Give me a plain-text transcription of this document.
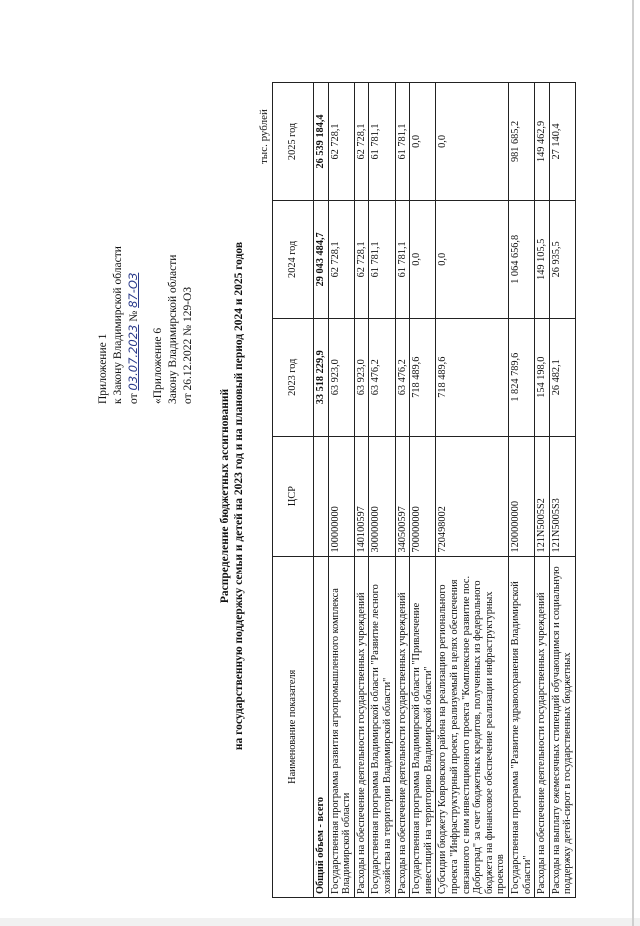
Приложение 1 к Закону Владимирской области от 03.07.2023 № 87-ОЗ
«Приложение 6 Закону Владимирской области от 26.12.2022 № 129-ОЗ
Распределение бюджетных ассигнований на государственную поддержку семьи и детей на 2023 год и на плановый период 2024 и 2025 годов
тыс. рублей
Наименование показателя	ЦСР	2023 год	2024 год	2025 год
Общий объем - всего		33 518 229,9	29 043 484,7	26 539 184,4
Государственная программа развития агропромышленного комплекса Владимирской области	100000000	63 923,0	62 728,1	62 728,1
Расходы на обеспечение деятельности государственных учреждений	140100597	63 923,0	62 728,1	62 728,1
Государственная программа Владимирской области "Развитие лесного хозяйства на территории Владимирской области"	300000000	63 476,2	61 781,1	61 781,1
Расходы на обеспечение деятельности государственных учреждений	340500597	63 476,2	61 781,1	61 781,1
Государственная программа Владимирской области "Привлечение инвестиций на территорию Владимирской области"	700000000	718 489,6	0,0	0,0
Субсидии бюджету Ковровского района на реализацию регионального проекта "Инфраструктурный проект, реализуемый в целях обеспечения связанного с ним инвестиционного проекта "Комплексное развитие пос. Доброград" за счет бюджетных кредитов, полученных из федерального бюджета на финансовое обеспечение реализации инфраструктурных проектов	720498002	718 489,6	0,0	0,0
Государственная программа "Развитие здравоохранения Владимирской области"	1200000000	1 824 789,6	1 064 656,8	981 685,2
Расходы на обеспечение деятельности государственных учреждений	121N5005S2	154 198,0	149 105,5	149 462,9
Расходы на выплату ежемесячных стипендий обучающимся и социальную поддержку детей-сирот в государственных бюджетных	121N5005S3	26 482,1	26 935,5	27 140,4
